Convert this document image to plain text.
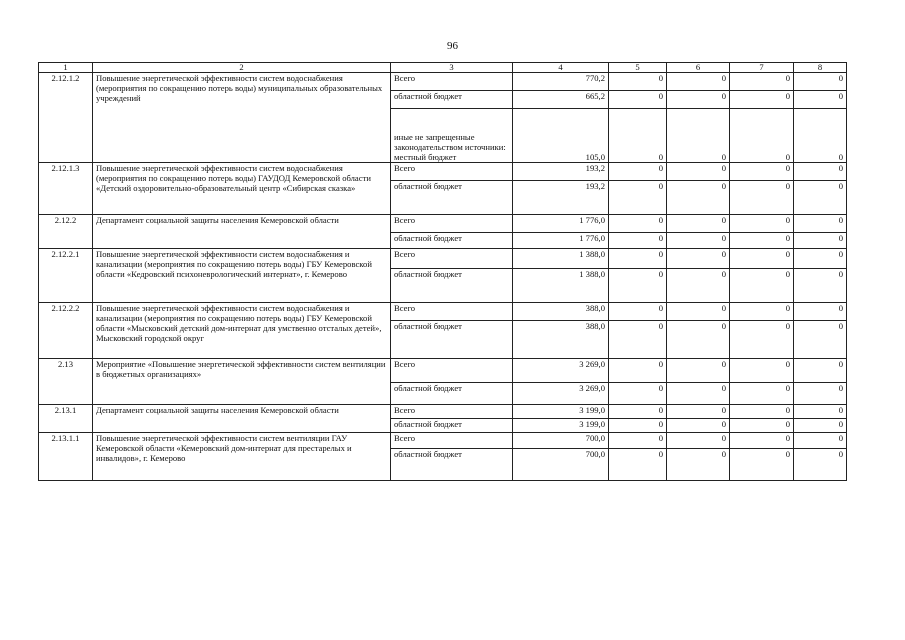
96
1	2	3	4	5	6	7	8
2.12.1.2	Повышение энергетической эффективности систем водоснабжения (мероприятия по сокращению потерь воды) муниципальных образовательных учреждений	Всего	770,2	0	0	0	0
		областной бюджет	665,2	0	0	0	0
		иные не запрещенные законодательством источники: местный бюджет	105,0	0	0	0	0
2.12.1.3	Повышение энергетической эффективности систем водоснабжения (мероприятия по сокращению потерь воды) ГАУДОД Кемеровской области «Детский оздоровительно-образовательный центр «Сибирская сказка»	Всего	193,2	0	0	0	0
		областной бюджет	193,2	0	0	0	0
2.12.2	Департамент социальной защиты населения Кемеровской области	Всего	1 776,0	0	0	0	0
		областной бюджет	1 776,0	0	0	0	0
2.12.2.1	Повышение энергетической эффективности систем водоснабжения и канализации (мероприятия по сокращению потерь воды) ГБУ Кемеровской области «Кедровский психоневрологический интернат», г. Кемерово	Всего	1 388,0	0	0	0	0
		областной бюджет	1 388,0	0	0	0	0
2.12.2.2	Повышение энергетической эффективности систем водоснабжения и канализации (мероприятия по сокращению потерь воды) ГБУ Кемеровской области «Мысковский детский дом-интернат для умственно отсталых детей», Мысковский городской округ	Всего	388,0	0	0	0	0
		областной бюджет	388,0	0	0	0	0
2.13	Мероприятие «Повышение энергетической эффективности систем вентиляции в бюджетных организациях»	Всего	3 269,0	0	0	0	0
		областной бюджет	3 269,0	0	0	0	0
2.13.1	Департамент социальной защиты населения Кемеровской области	Всего	3 199,0	0	0	0	0
		областной бюджет	3 199,0	0	0	0	0
2.13.1.1	Повышение энергетической эффективности систем вентиляции ГАУ Кемеровской области «Кемеровский дом-интернат для престарелых и инвалидов», г. Кемерово	Всего	700,0	0	0	0	0
		областной бюджет	700,0	0	0	0	0
